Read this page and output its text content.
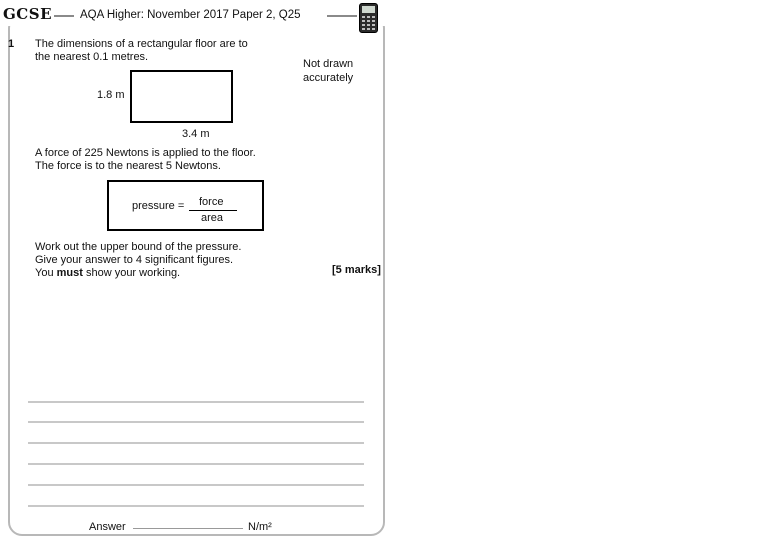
GCSE AQA Higher: November 2017 Paper 2, Q25
1 The dimensions of a rectangular floor are to
the nearest 0.1 metres.
Not drawn
accurately
1.8 m
3.4 m
A force of 225 Newtons is applied to the floor.
The force is to the nearest 5 Newtons.
pressure = force
area
Work out the upper bound of the pressure.
Give your answer to 4 significant figures.
You must show your working.	[5 marks]
Answer	N/m²
